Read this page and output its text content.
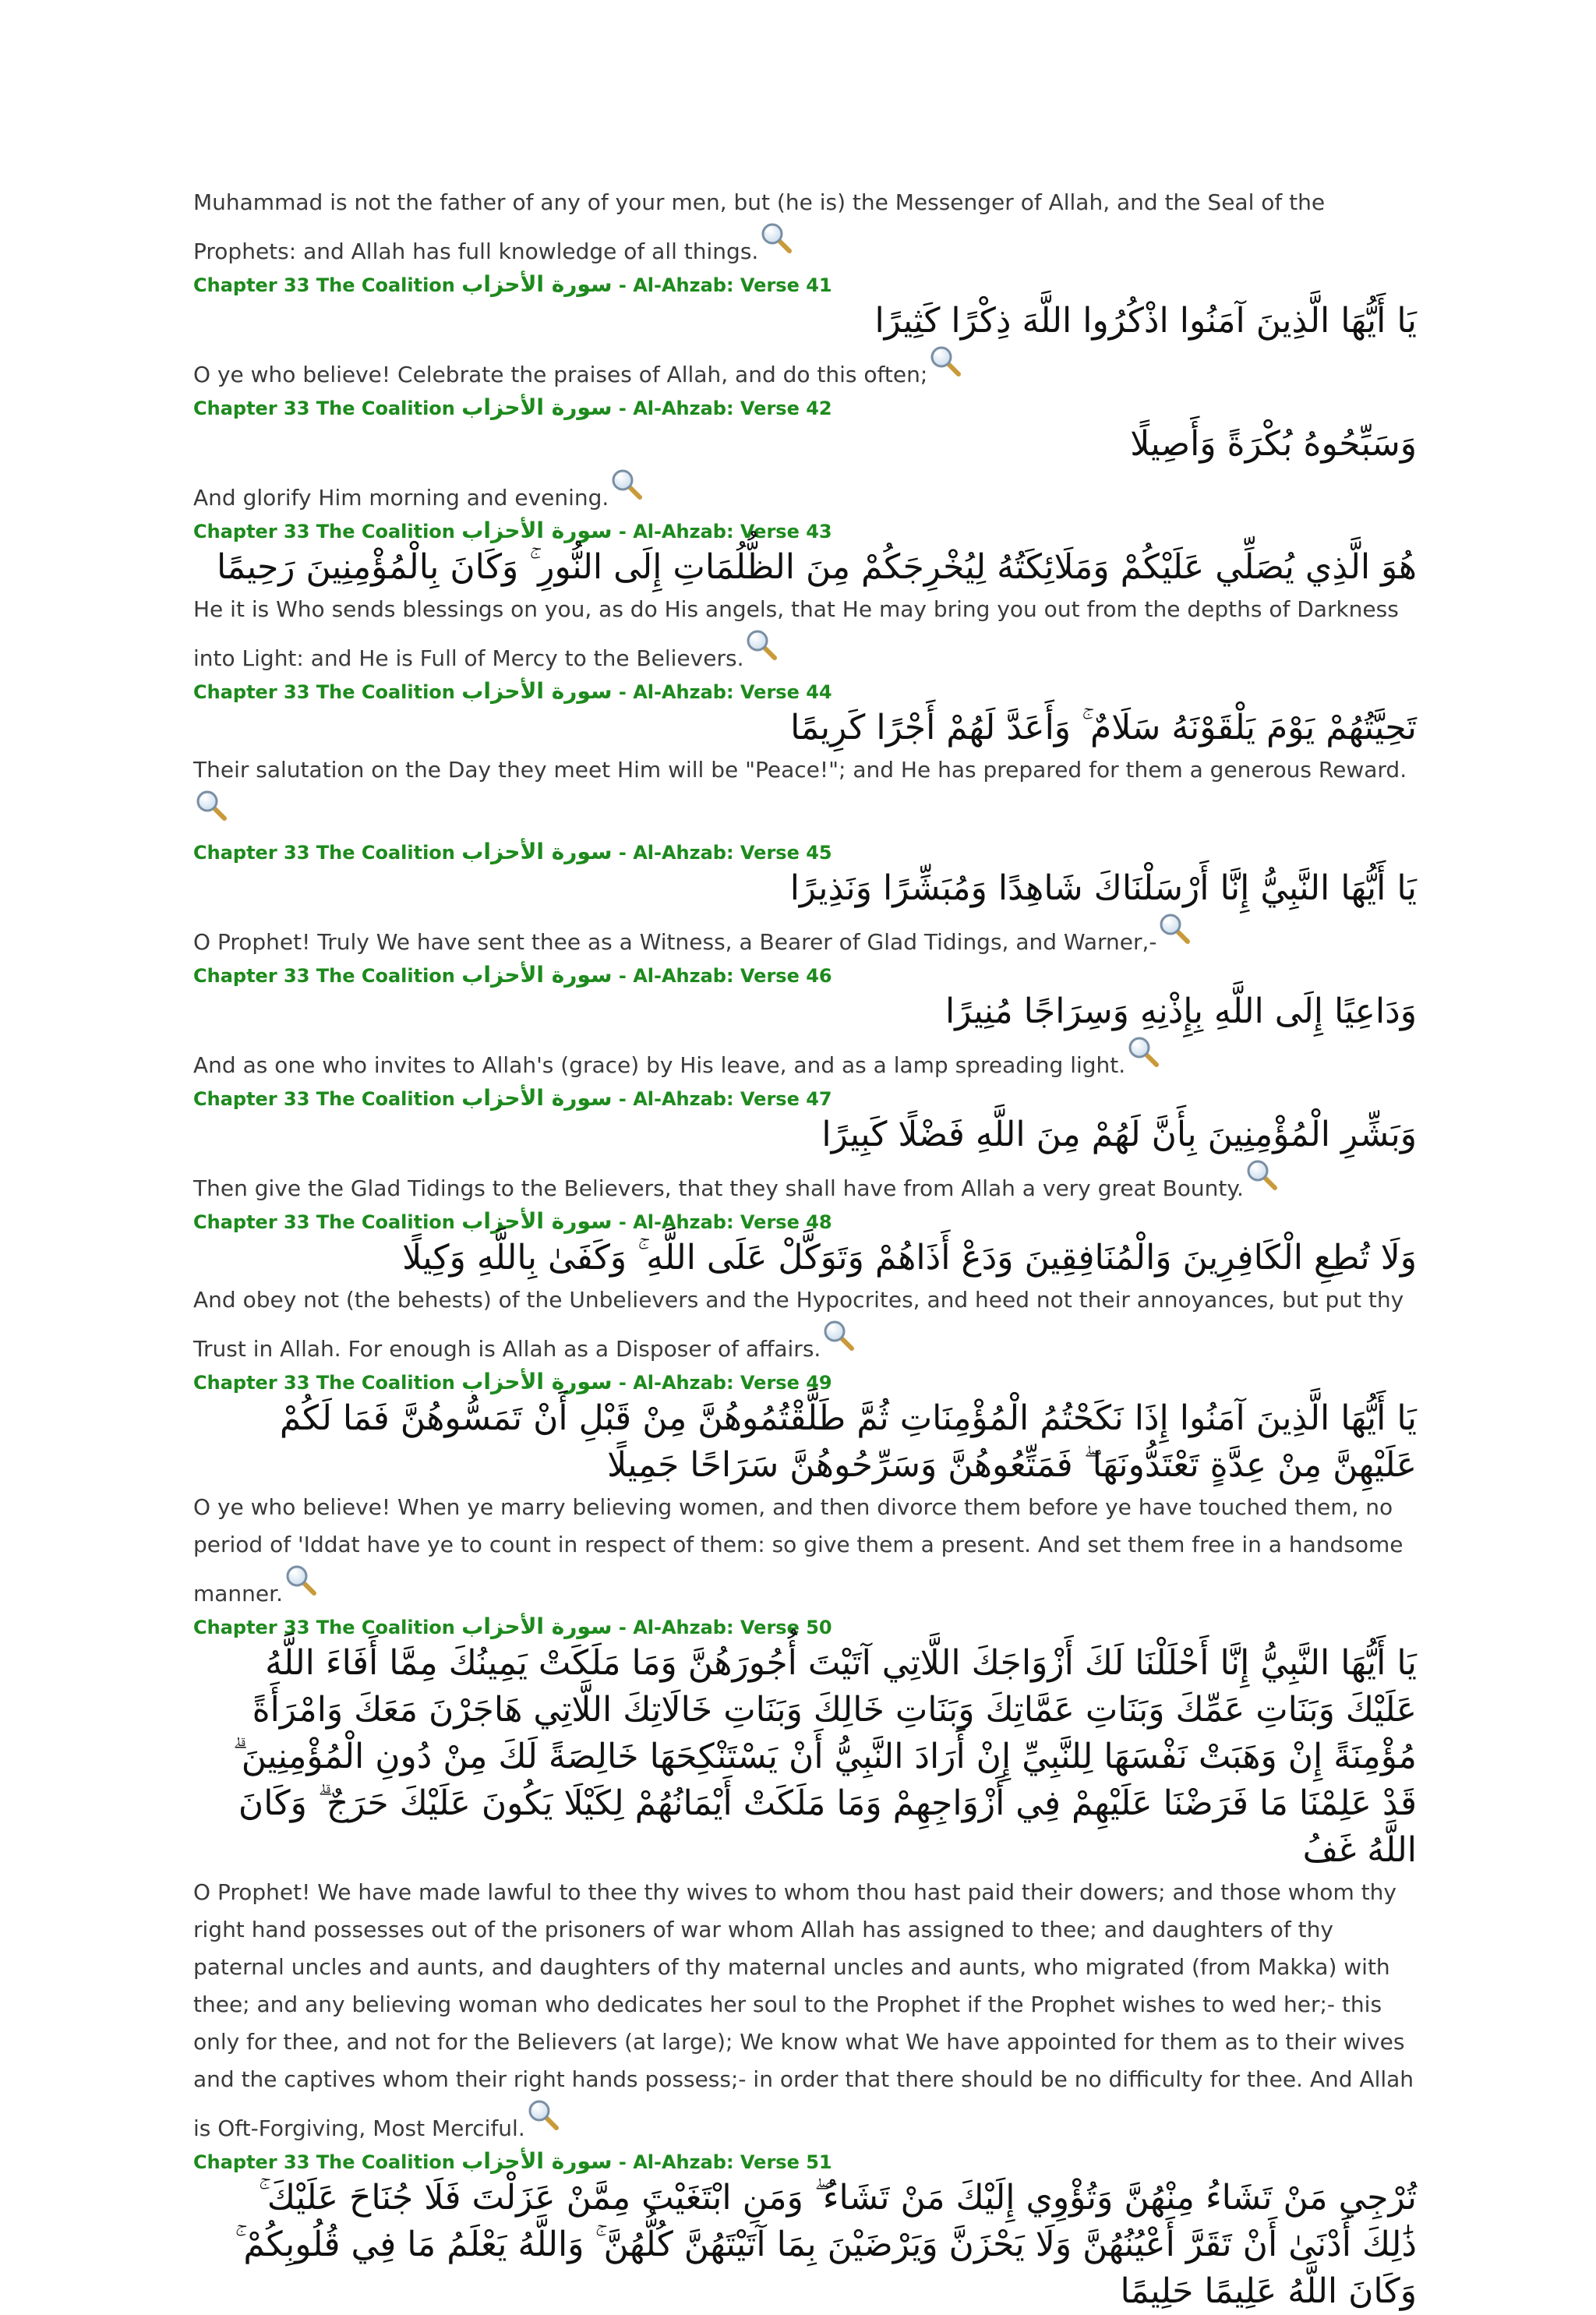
Muhammad is not the father of any of your men, but (he is) the Messenger of Allah, and the Seal of the Prophets: and Allah has full knowledge of all things.

Chapter 33 The Coalition سورة الأحزاب - Al-Ahzab: Verse 41

يَا أَيُّهَا الَّذِينَ آمَنُوا اذْكُرُوا اللَّهَ ذِكْرًا كَثِيرًا

O ye who believe! Celebrate the praises of Allah, and do this often;

Chapter 33 The Coalition سورة الأحزاب - Al-Ahzab: Verse 42

وَسَبِّحُوهُ بُكْرَةً وَأَصِيلًا

And glorify Him morning and evening.

Chapter 33 The Coalition سورة الأحزاب - Al-Ahzab: Verse 43

هُوَ الَّذِي يُصَلِّي عَلَيْكُمْ وَمَلَائِكَتُهُ لِيُخْرِجَكُمْ مِنَ الظُّلُمَاتِ إِلَى النُّورِ ۚ وَكَانَ بِالْمُؤْمِنِينَ رَحِيمًا

He it is Who sends blessings on you, as do His angels, that He may bring you out from the depths of Darkness into Light: and He is Full of Mercy to the Believers.

Chapter 33 The Coalition سورة الأحزاب - Al-Ahzab: Verse 44

تَحِيَّتُهُمْ يَوْمَ يَلْقَوْنَهُ سَلَامٌ ۚ وَأَعَدَّ لَهُمْ أَجْرًا كَرِيمًا

Their salutation on the Day they meet Him will be "Peace!"; and He has prepared for them a generous Reward.

Chapter 33 The Coalition سورة الأحزاب - Al-Ahzab: Verse 45

يَا أَيُّهَا النَّبِيُّ إِنَّا أَرْسَلْنَاكَ شَاهِدًا وَمُبَشِّرًا وَنَذِيرًا

O Prophet! Truly We have sent thee as a Witness, a Bearer of Glad Tidings, and Warner,-

Chapter 33 The Coalition سورة الأحزاب - Al-Ahzab: Verse 46

وَدَاعِيًا إِلَى اللَّهِ بِإِذْنِهِ وَسِرَاجًا مُنِيرًا

And as one who invites to Allah's (grace) by His leave, and as a lamp spreading light.

Chapter 33 The Coalition سورة الأحزاب - Al-Ahzab: Verse 47

وَبَشِّرِ الْمُؤْمِنِينَ بِأَنَّ لَهُمْ مِنَ اللَّهِ فَضْلًا كَبِيرًا

Then give the Glad Tidings to the Believers, that they shall have from Allah a very great Bounty.

Chapter 33 The Coalition سورة الأحزاب - Al-Ahzab: Verse 48

وَلَا تُطِعِ الْكَافِرِينَ وَالْمُنَافِقِينَ وَدَعْ أَذَاهُمْ وَتَوَكَّلْ عَلَى اللَّهِ ۚ وَكَفَىٰ بِاللَّهِ وَكِيلًا

And obey not (the behests) of the Unbelievers and the Hypocrites, and heed not their annoyances, but put thy Trust in Allah. For enough is Allah as a Disposer of affairs.

Chapter 33 The Coalition سورة الأحزاب - Al-Ahzab: Verse 49

يَا أَيُّهَا الَّذِينَ آمَنُوا إِذَا نَكَحْتُمُ الْمُؤْمِنَاتِ ثُمَّ طَلَّقْتُمُوهُنَّ مِنْ قَبْلِ أَنْ تَمَسُّوهُنَّ فَمَا لَكُمْ عَلَيْهِنَّ مِنْ عِدَّةٍ تَعْتَدُّونَهَا ۖ فَمَتِّعُوهُنَّ وَسَرِّحُوهُنَّ سَرَاحًا جَمِيلًا

O ye who believe! When ye marry believing women, and then divorce them before ye have touched them, no period of 'Iddat have ye to count in respect of them: so give them a present. And set them free in a handsome manner.

Chapter 33 The Coalition سورة الأحزاب - Al-Ahzab: Verse 50

يَا أَيُّهَا النَّبِيُّ إِنَّا أَحْلَلْنَا لَكَ أَزْوَاجَكَ اللَّاتِي آتَيْتَ أُجُورَهُنَّ وَمَا مَلَكَتْ يَمِينُكَ مِمَّا أَفَاءَ اللَّهُ عَلَيْكَ وَبَنَاتِ عَمِّكَ وَبَنَاتِ عَمَّاتِكَ وَبَنَاتِ خَالِكَ وَبَنَاتِ خَالَاتِكَ اللَّاتِي هَاجَرْنَ مَعَكَ وَامْرَأَةً مُؤْمِنَةً إِنْ وَهَبَتْ نَفْسَهَا لِلنَّبِيِّ إِنْ أَرَادَ النَّبِيُّ أَنْ يَسْتَنْكِحَهَا خَالِصَةً لَكَ مِنْ دُونِ الْمُؤْمِنِينَ ۗ قَدْ عَلِمْنَا مَا فَرَضْنَا عَلَيْهِمْ فِي أَزْوَاجِهِمْ وَمَا مَلَكَتْ أَيْمَانُهُمْ لِكَيْلَا يَكُونَ عَلَيْكَ حَرَجٌ ۗ وَكَانَ اللَّهُ غَفُ

O Prophet! We have made lawful to thee thy wives to whom thou hast paid their dowers; and those whom thy right hand possesses out of the prisoners of war whom Allah has assigned to thee; and daughters of thy paternal uncles and aunts, and daughters of thy maternal uncles and aunts, who migrated (from Makka) with thee; and any believing woman who dedicates her soul to the Prophet if the Prophet wishes to wed her;- this only for thee, and not for the Believers (at large); We know what We have appointed for them as to their wives and the captives whom their right hands possess;- in order that there should be no difficulty for thee. And Allah is Oft-Forgiving, Most Merciful.

Chapter 33 The Coalition سورة الأحزاب - Al-Ahzab: Verse 51

تُرْجِي مَنْ تَشَاءُ مِنْهُنَّ وَتُؤْوِي إِلَيْكَ مَنْ تَشَاءُ ۖ وَمَنِ ابْتَغَيْتَ مِمَّنْ عَزَلْتَ فَلَا جُنَاحَ عَلَيْكَ ۚ ذَٰلِكَ أَدْنَىٰ أَنْ تَقَرَّ أَعْيُنُهُنَّ وَلَا يَحْزَنَّ وَيَرْضَيْنَ بِمَا آتَيْتَهُنَّ كُلُّهُنَّ ۚ وَاللَّهُ يَعْلَمُ مَا فِي قُلُوبِكُمْ ۚ وَكَانَ اللَّهُ عَلِيمًا حَلِيمًا
